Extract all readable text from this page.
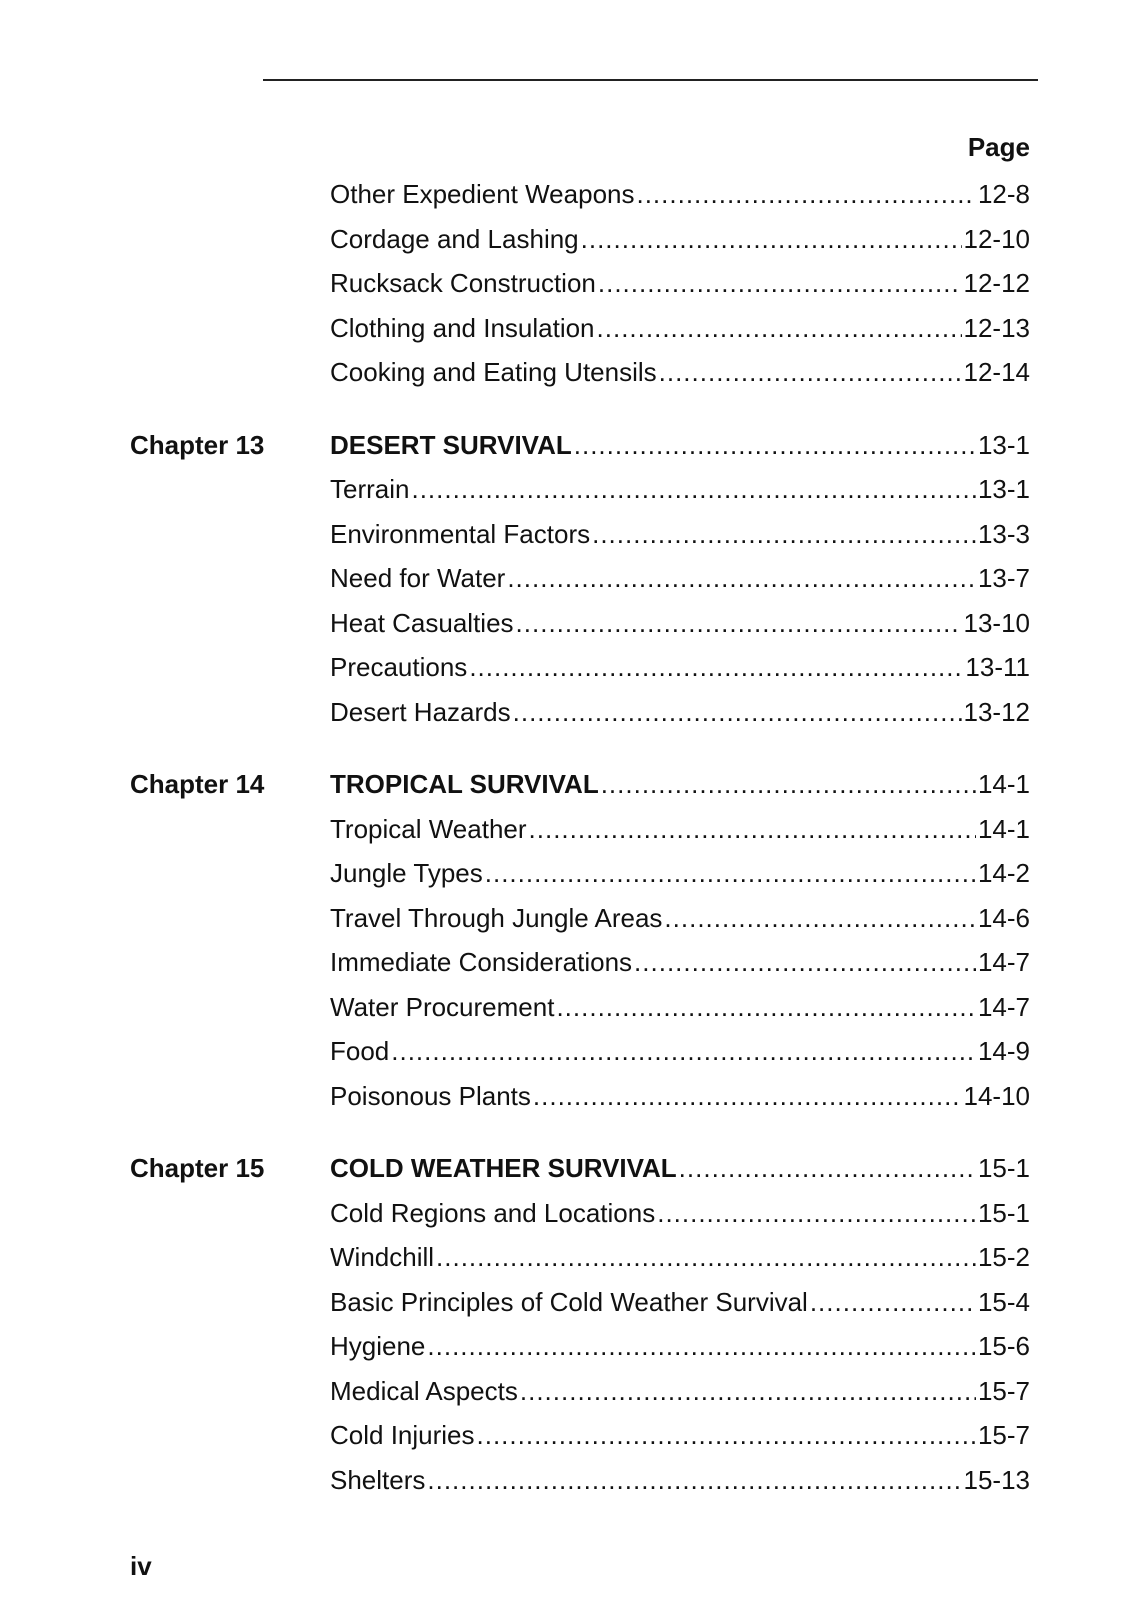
Page
Other Expedient Weapons .....	12-8
Cordage and Lashing .....	12-10
Rucksack Construction .....	12-12
Clothing and Insulation .....	12-13
Cooking and Eating Utensils .....	12-14
Chapter 13	DESERT SURVIVAL .....	13-1
Terrain .....	13-1
Environmental Factors .....	13-3
Need for Water .....	13-7
Heat Casualties .....	13-10
Precautions .....	13-11
Desert Hazards .....	13-12
Chapter 14	TROPICAL SURVIVAL .....	14-1
Tropical Weather .....	14-1
Jungle Types .....	14-2
Travel Through Jungle Areas .....	14-6
Immediate Considerations .....	14-7
Water Procurement .....	14-7
Food .....	14-9
Poisonous Plants .....	14-10
Chapter 15	COLD WEATHER SURVIVAL .....	15-1
Cold Regions and Locations .....	15-1
Windchill .....	15-2
Basic Principles of Cold Weather Survival .....	15-4
Hygiene .....	15-6
Medical Aspects .....	15-7
Cold Injuries .....	15-7
Shelters .....	15-13
iv
